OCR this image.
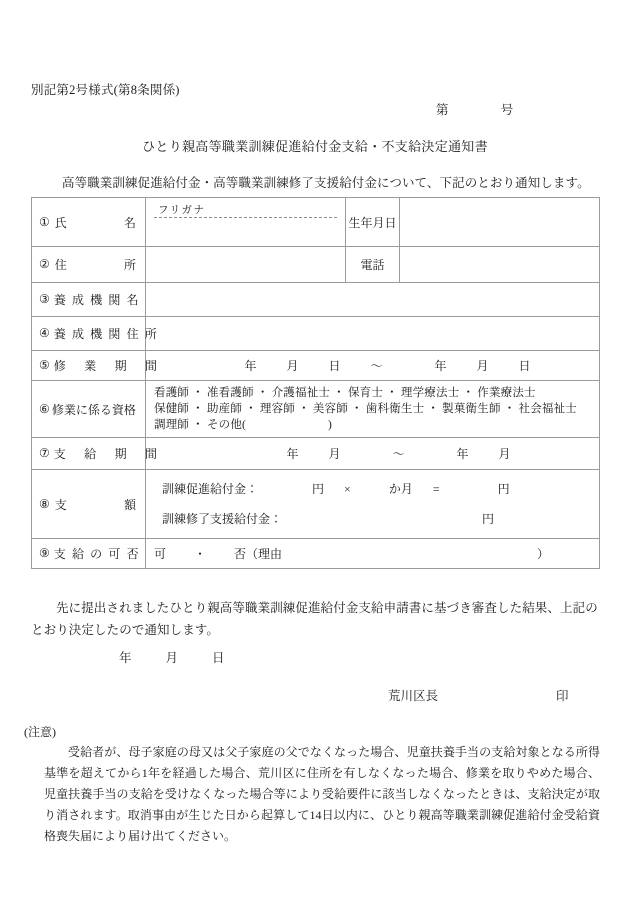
別記第2号様式(第8条関係)
第	号
ひとり親高等職業訓練促進給付金支給・不支給決定通知書
高等職業訓練促進給付金・高等職業訓練修了支援給付金について、下記のとおり通知します。
① 氏 名	フリガナ	生年月日	

② 住 所		電話	

③ 養 成 機 関 名			

④ 養 成 機 関 住 所			

⑤ 修　業　期　間	年 月 日 ～ 年 月 日		

⑥ 修業に係る資格

看護師 ・ 准看護師 ・ 介護福祉士 ・ 保育士 ・ 理学療法士 ・ 作業療法士
保健師 ・ 助産師 ・ 理容師 ・ 美容師 ・ 歯科衛生士 ・ 製菓衛生師 ・ 社会福祉士
調理師 ・ その他(　　　　　　　)

⑦ 支　給　期　間	年 月 ～ 年 月		

⑧ 支	額

訓練促進給付金：	円 ×	か月 =	円
訓練修了支援給付金：	円

⑨ 支 給 の 可 否	可 ・ 否（理由 ）		

先に提出されましたひとり親高等職業訓練促進給付金支給申請書に基づき審査した結果、上記のとおり決定したので通知します。

年	月	日
荒川区長	印
(注意)
受給者が、母子家庭の母又は父子家庭の父でなくなった場合、児童扶養手当の支給対象となる所得基準を超えてから1年を経過した場合、荒川区に住所を有しなくなった場合、修業を取りやめた場合、児童扶養手当の支給を受けなくなった場合等により受給要件に該当しなくなったときは、支給決定が取り消されます。取消事由が生じた日から起算して14日以内に、ひとり親高等職業訓練促進給付金受給資格喪失届により届け出てください。
